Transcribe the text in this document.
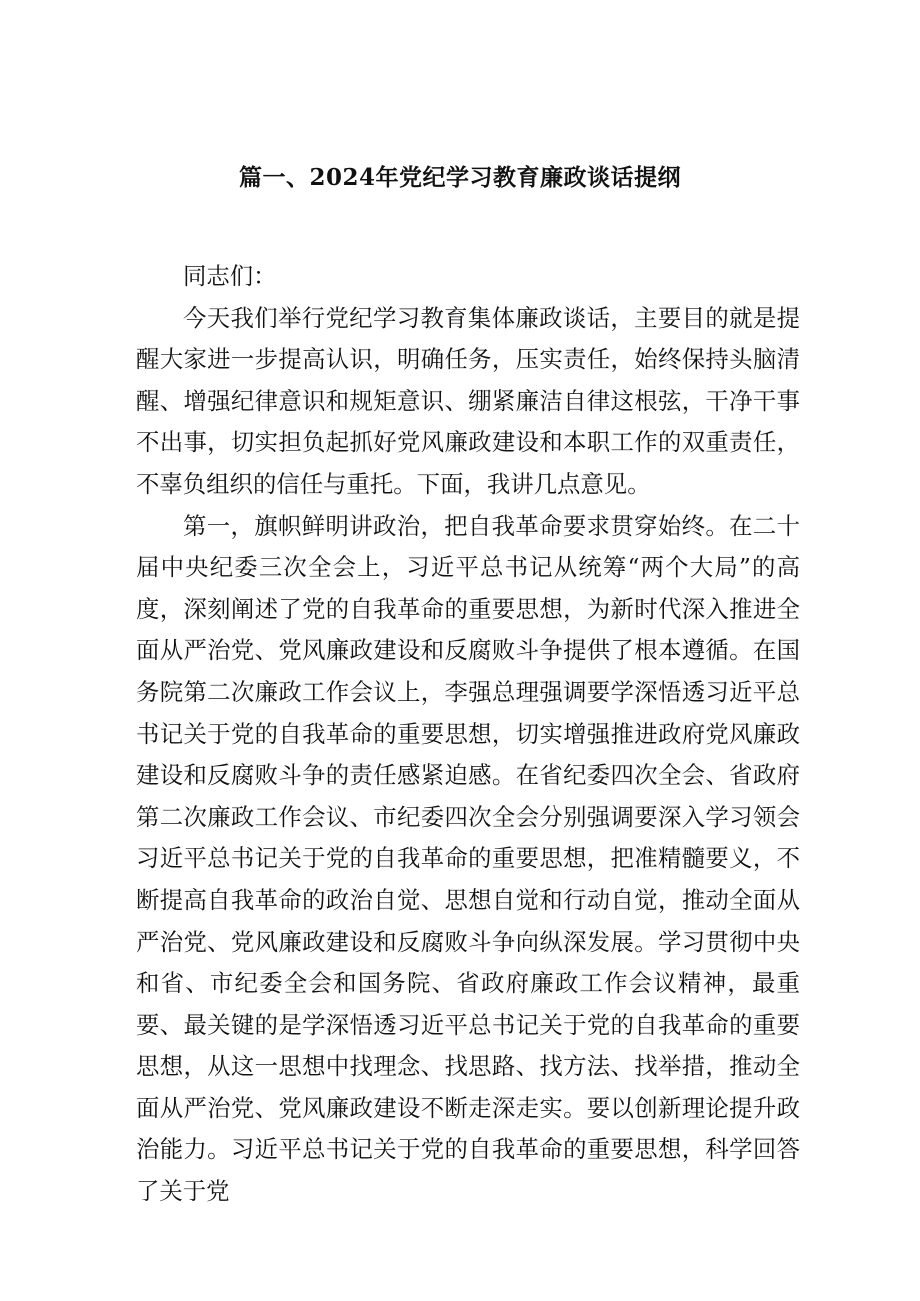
篇一、2024年党纪学习教育廉政谈话提纲

同志们：

今天我们举行党纪学习教育集体廉政谈话，主要目的就是提醒大家进一步提高认识，明确任务，压实责任，始终保持头脑清醒、增强纪律意识和规矩意识、绷紧廉洁自律这根弦，干净干事不出事，切实担负起抓好党风廉政建设和本职工作的双重责任，不辜负组织的信任与重托。下面，我讲几点意见。

第一，旗帜鲜明讲政治，把自我革命要求贯穿始终。在二十届中央纪委三次全会上，习近平总书记从统筹“两个大局”的高度，深刻阐述了党的自我革命的重要思想，为新时代深入推进全面从严治党、党风廉政建设和反腐败斗争提供了根本遵循。在国务院第二次廉政工作会议上，李强总理强调要学深悟透习近平总书记关于党的自我革命的重要思想，切实增强推进政府党风廉政建设和反腐败斗争的责任感紧迫感。在省纪委四次全会、省政府第二次廉政工作会议、市纪委四次全会分别强调要深入学习领会习近平总书记关于党的自我革命的重要思想，把准精髓要义，不断提高自我革命的政治自觉、思想自觉和行动自觉，推动全面从严治党、党风廉政建设和反腐败斗争向纵深发展。学习贯彻中央和省、市纪委全会和国务院、省政府廉政工作会议精神，最重要、最关键的是学深悟透习近平总书记关于党的自我革命的重要思想，从这一思想中找理念、找思路、找方法、找举措，推动全面从严治党、党风廉政建设不断走深走实。要以创新理论提升政治能力。习近平总书记关于党的自我革命的重要思想，科学回答了关于党
